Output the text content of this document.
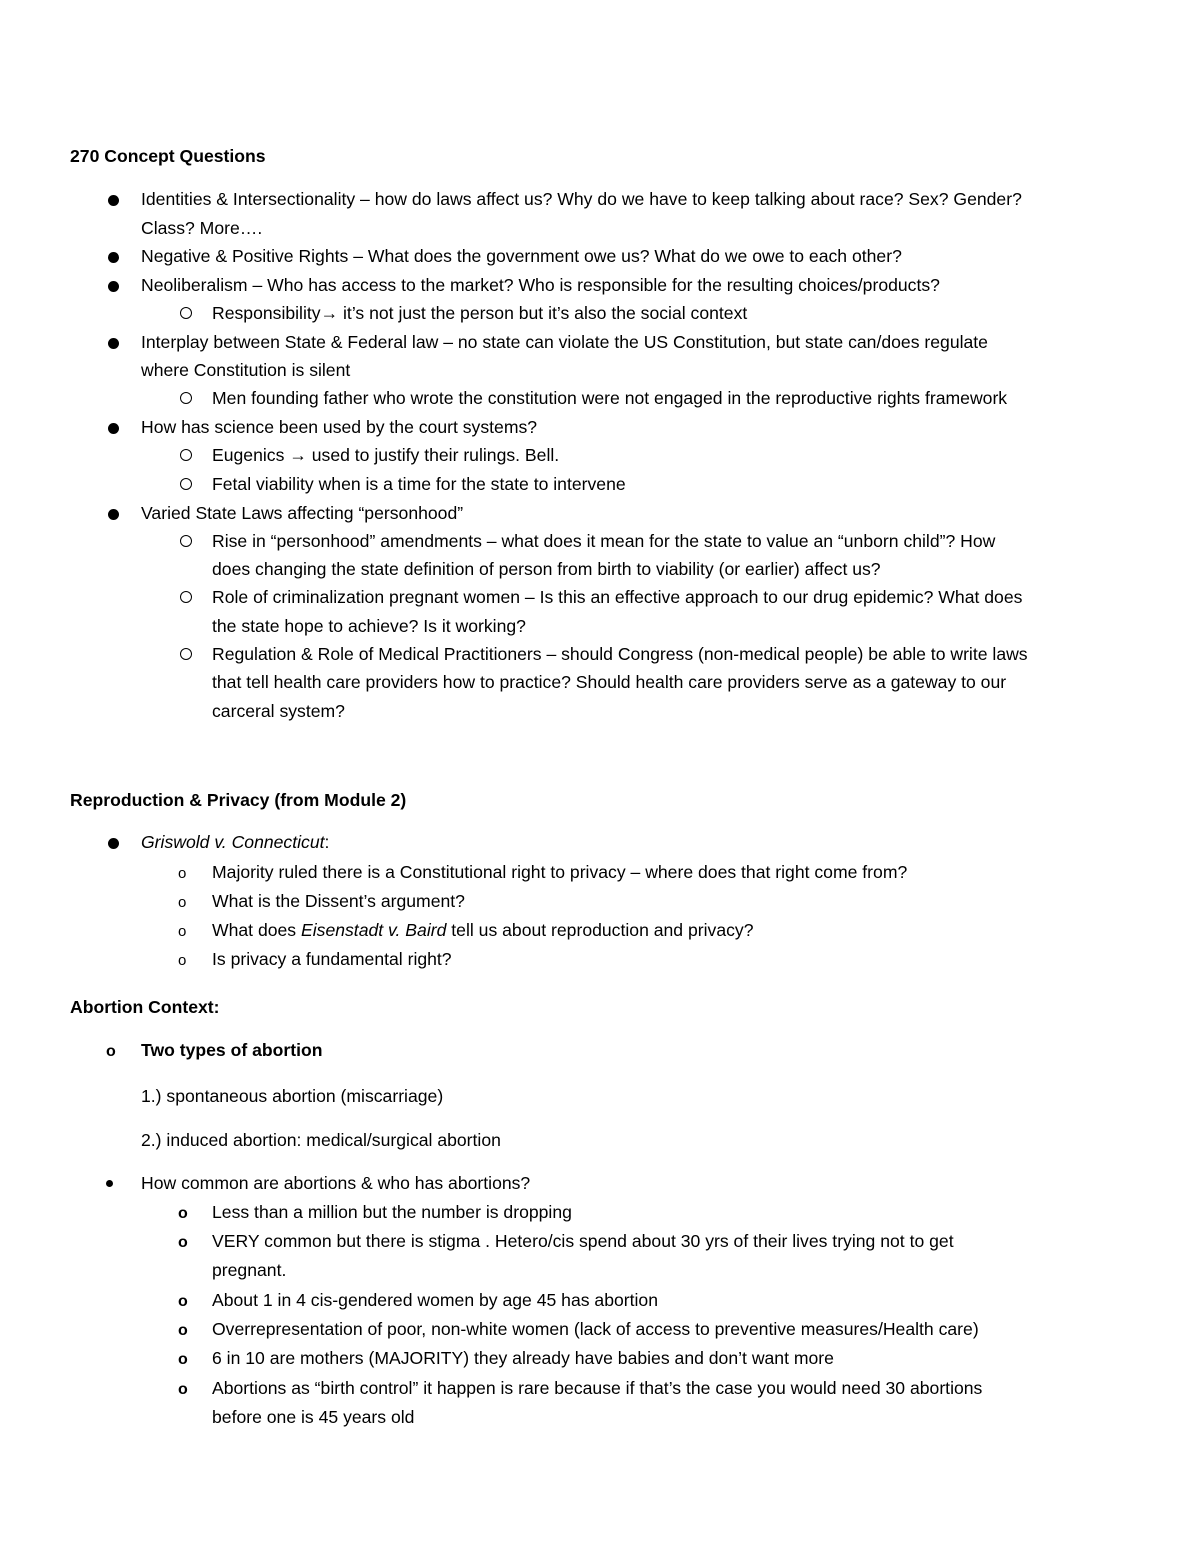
270 Concept Questions
Identities & Intersectionality – how do laws affect us? Why do we have to keep talking about race? Sex? Gender?
Class? More….
Negative & Positive Rights – What does the government owe us? What do we owe to each other?
Neoliberalism – Who has access to the market? Who is responsible for the resulting choices/products?
Responsibility→ it’s not just the person but it’s also the social context
Interplay between State & Federal law – no state can violate the US Constitution, but state can/does regulate
where Constitution is silent
Men founding father who wrote the constitution were not engaged in the reproductive rights framework
How has science been used by the court systems?
Eugenics → used to justify their rulings. Bell.
Fetal viability when is a time for the state to intervene
Varied State Laws affecting “personhood”
Rise in “personhood” amendments – what does it mean for the state to value an “unborn child”? How
does changing the state definition of person from birth to viability (or earlier) affect us?
Role of criminalization pregnant women – Is this an effective approach to our drug epidemic? What does
the state hope to achieve? Is it working?
Regulation & Role of Medical Practitioners – should Congress (non-medical people) be able to write laws
that tell health care providers how to practice? Should health care providers serve as a gateway to our
carceral system?
Reproduction & Privacy (from Module 2)
Griswold v. Connecticut:
o Majority ruled there is a Constitutional right to privacy – where does that right come from?
o What is the Dissent’s argument?
o What does Eisenstadt v. Baird tell us about reproduction and privacy?
o Is privacy a fundamental right?
Abortion Context:
o Two types of abortion
1.) spontaneous abortion (miscarriage)
2.) induced abortion: medical/surgical abortion
How common are abortions & who has abortions?
o Less than a million but the number is dropping
o VERY common but there is stigma . Hetero/cis spend about 30 yrs of their lives trying not to get
pregnant.
o About 1 in 4 cis-gendered women by age 45 has abortion
o Overrepresentation of poor, non-white women (lack of access to preventive measures/Health care)
o 6 in 10 are mothers (MAJORITY) they already have babies and don’t want more
o Abortions as “birth control” it happen is rare because if that’s the case you would need 30 abortions
before one is 45 years old
